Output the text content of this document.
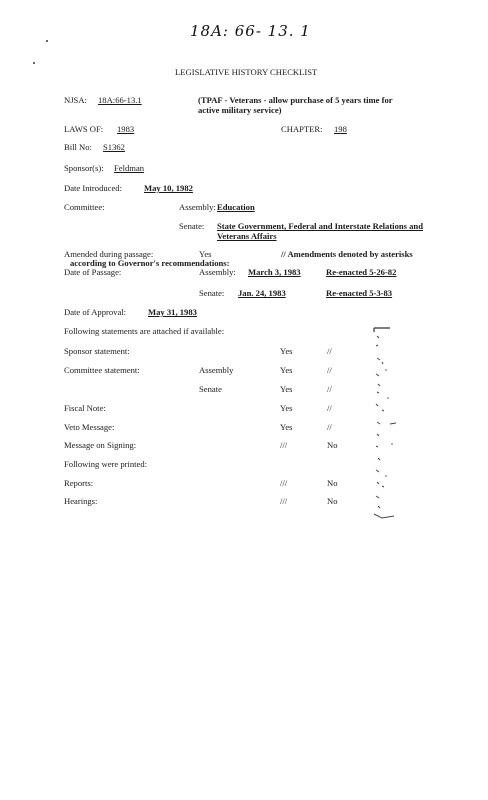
18A: 66- 13. 1
LEGISLATIVE HISTORY CHECKLIST
NJSA: 18A:66-13.1	(TPAF - Veterans - allow purchase of 5 years time for
active military service)
LAWS OF: 1983	CHAPTER: 198
Bill No: S1362
Sponsor(s): Feldman
Date Introduced:	May 10, 1982
Committee:	Assembly: Education
Senate: State Government, Federal and Interstate Relations and
Veterans Affairs
Amended during passage:	Yes	// Amendments denoted by asterisks
according to Governor's recommendations:
Date of Passage:	Assembly: March 3, 1983	Re-enacted 5-26-82
Senate: Jan. 24, 1983	Re-enacted 5-3-83
Date of Approval:	May 31, 1983
Following statements are attached if available:
Sponsor statement:	Yes	//
Committee statement:	Assembly	Yes	//
Senate	Yes	//
Fiscal Note:	Yes	//
Veto Message:	Yes	//
Message on Signing:	///	No
Following were printed:
Reports:	///	No
Hearings:	///	No
